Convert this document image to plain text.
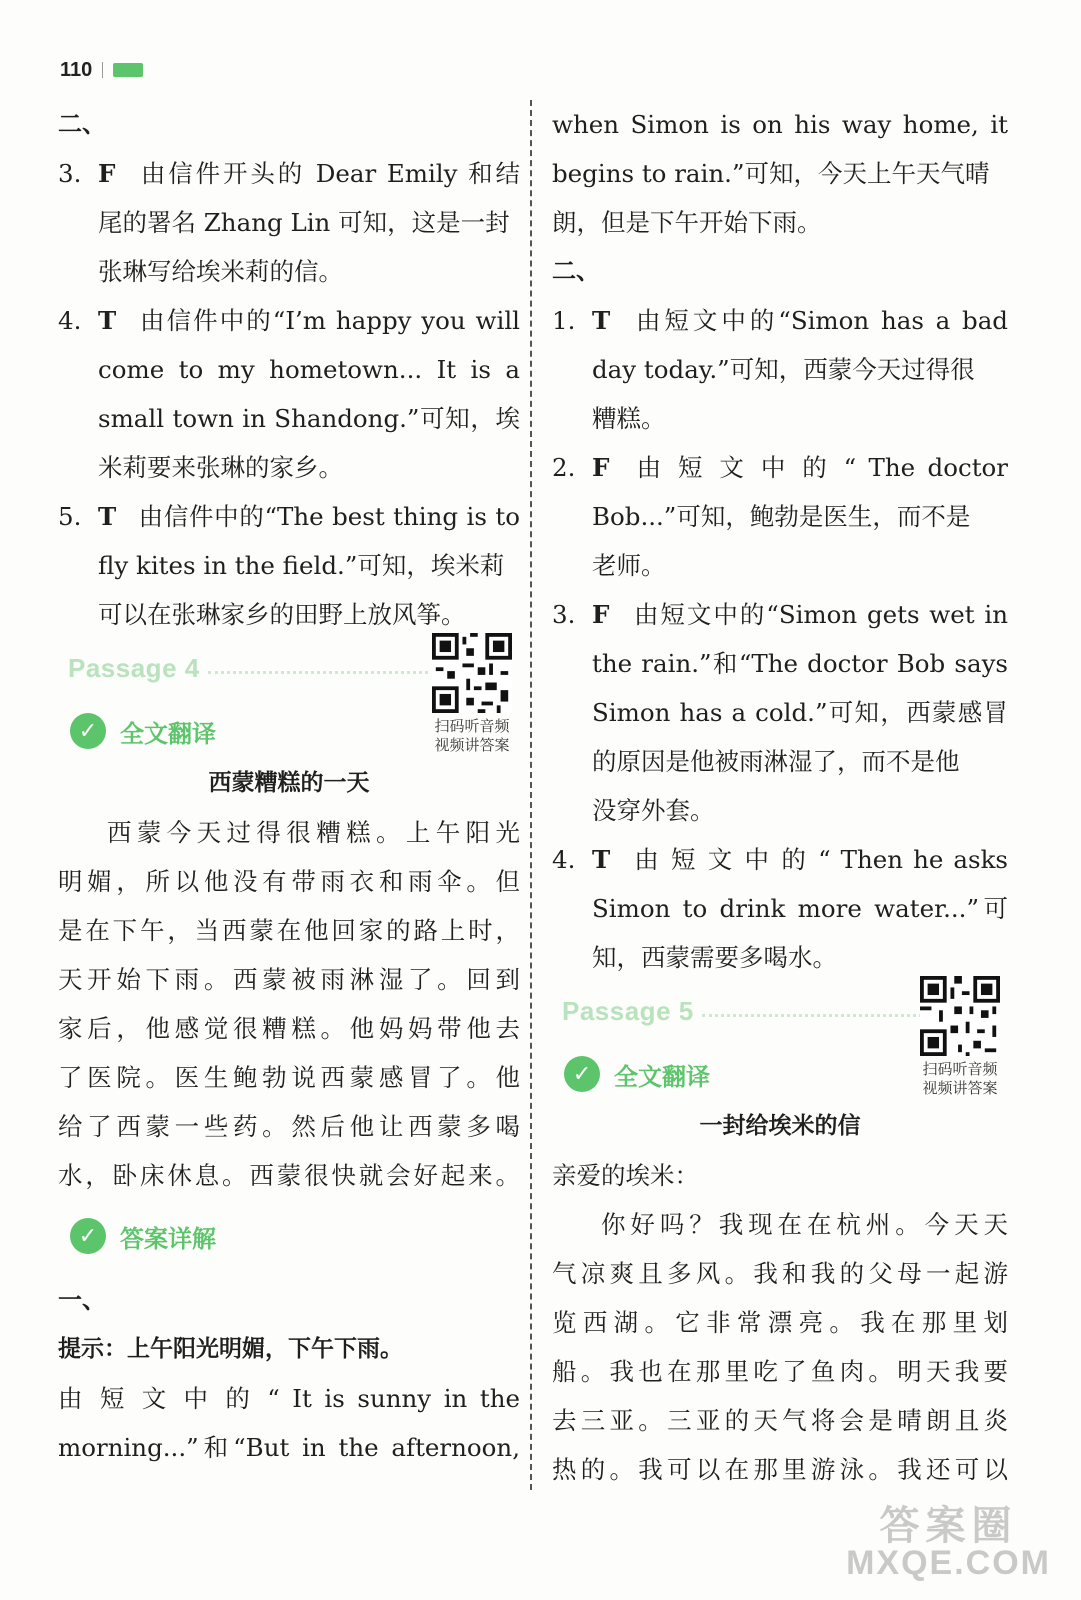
110
二、
3. F 由信件开头的 Dear Emily 和结
尾的署名 Zhang Lin 可知，这是一封
张琳写给埃米莉的信。
4. T 由信件中的“I’m happy you will
come to my hometown... It is a
small town in Shandong.”可知，埃
米莉要来张琳的家乡。
5. T 由信件中的“The best thing is to
fly kites in the field.”可知，埃米莉
可以在张琳家乡的田野上放风筝。
Passage 4
✓ 全文翻译	扫码听音频
视频讲答案
西蒙糟糕的一天
西蒙今天过得很糟糕。上午阳光
明媚，所以他没有带雨衣和雨伞。但
是在下午，当西蒙在他回家的路上时，
天开始下雨。西蒙被雨淋湿了。回到
家后，他感觉很糟糕。他妈妈带他去
了医院。医生鲍勃说西蒙感冒了。他
给了西蒙一些药。然后他让西蒙多喝
水，卧床休息。西蒙很快就会好起来。
✓ 答案详解
一、
提示：上午阳光明媚，下午下雨。
由 短 文 中 的 “ It is sunny in the
morning...”和“But in the afternoon,
when Simon is on his way home, it
begins to rain.”可知，今天上午天气晴
朗，但是下午开始下雨。
二、
1. T 由短文中的“Simon has a bad
day today.”可知，西蒙今天过得很
糟糕。
2. F 由 短 文 中 的 “ The doctor
Bob...”可知，鲍勃是医生，而不是
老师。
3. F 由短文中的“Simon gets wet in
the rain.”和“The doctor Bob says
Simon has a cold.”可知，西蒙感冒
的原因是他被雨淋湿了，而不是他
没穿外套。
4. T 由 短 文 中 的 “ Then he asks
Simon to drink more water...”可
知，西蒙需要多喝水。
Passage 5
✓ 全文翻译	扫码听音频
视频讲答案
一封给埃米的信
亲爱的埃米：
你好吗？我现在在杭州。今天天
气凉爽且多风。我和我的父母一起游
览西湖。它非常漂亮。我在那里划
船。我也在那里吃了鱼肉。明天我要
去三亚。三亚的天气将会是晴朗且炎
热的。我可以在那里游泳。我还可以
答案圈
MXQE.COM
